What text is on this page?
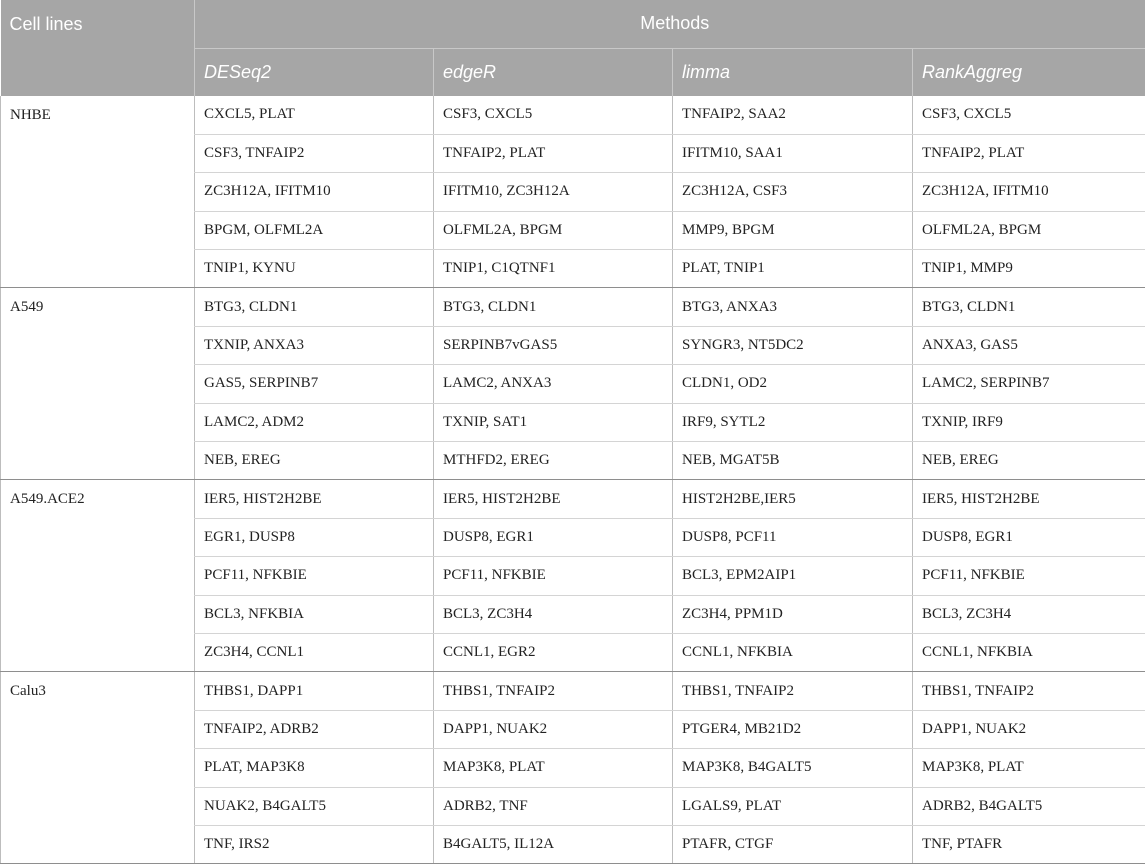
Cell lines	Methods			
	DESeq2	edgeR	limma	RankAggreg
NHBE	CXCL5, PLAT	CSF3, CXCL5	TNFAIP2, SAA2	CSF3, CXCL5
	CSF3, TNFAIP2	TNFAIP2, PLAT	IFITM10, SAA1	TNFAIP2, PLAT
	ZC3H12A, IFITM10	IFITM10, ZC3H12A	ZC3H12A, CSF3	ZC3H12A, IFITM10
	BPGM, OLFML2A	OLFML2A, BPGM	MMP9, BPGM	OLFML2A, BPGM
	TNIP1, KYNU	TNIP1, C1QTNF1	PLAT, TNIP1	TNIP1, MMP9
A549	BTG3, CLDN1	BTG3, CLDN1	BTG3, ANXA3	BTG3, CLDN1
	TXNIP, ANXA3	SERPINB7vGAS5	SYNGR3, NT5DC2	ANXA3, GAS5
	GAS5, SERPINB7	LAMC2, ANXA3	CLDN1, OD2	LAMC2, SERPINB7
	LAMC2, ADM2	TXNIP, SAT1	IRF9, SYTL2	TXNIP, IRF9
	NEB, EREG	MTHFD2, EREG	NEB, MGAT5B	NEB, EREG
A549.ACE2	IER5, HIST2H2BE	IER5, HIST2H2BE	HIST2H2BE,IER5	IER5, HIST2H2BE
	EGR1, DUSP8	DUSP8, EGR1	DUSP8, PCF11	DUSP8, EGR1
	PCF11, NFKBIE	PCF11, NFKBIE	BCL3, EPM2AIP1	PCF11, NFKBIE
	BCL3, NFKBIA	BCL3, ZC3H4	ZC3H4, PPM1D	BCL3, ZC3H4
	ZC3H4, CCNL1	CCNL1, EGR2	CCNL1, NFKBIA	CCNL1, NFKBIA
Calu3	THBS1, DAPP1	THBS1, TNFAIP2	THBS1, TNFAIP2	THBS1, TNFAIP2
	TNFAIP2, ADRB2	DAPP1, NUAK2	PTGER4, MB21D2	DAPP1, NUAK2
	PLAT, MAP3K8	MAP3K8, PLAT	MAP3K8, B4GALT5	MAP3K8, PLAT
	NUAK2, B4GALT5	ADRB2, TNF	LGALS9, PLAT	ADRB2, B4GALT5
	TNF, IRS2	B4GALT5, IL12A	PTAFR, CTGF	TNF, PTAFR
